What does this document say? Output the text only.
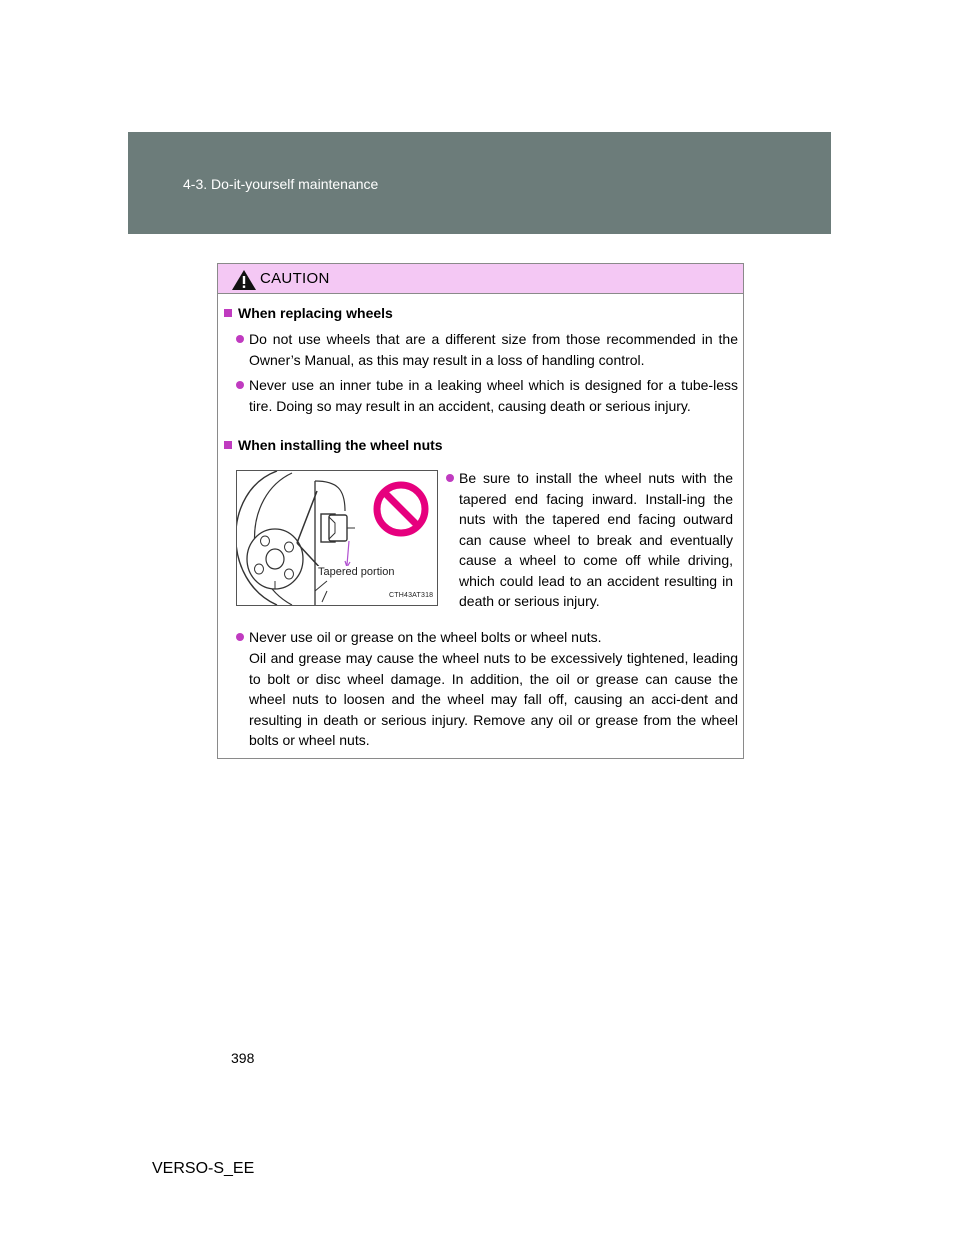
4-3. Do-it-yourself maintenance
CAUTION
When replacing wheels
Do not use wheels that are a different size from those recommended in the Owner’s Manual, as this may result in a loss of handling control.
Never use an inner tube in a leaking wheel which is designed for a tube-less tire. Doing so may result in an accident, causing death or serious injury.
When installing the wheel nuts
Tapered portion
CTH43AT318
Be sure to install the wheel nuts with the tapered end facing inward. Install-ing the nuts with the tapered end facing outward can cause wheel to break and eventually cause a wheel to come off while driving, which could lead to an accident resulting in death or serious injury.
Never use oil or grease on the wheel bolts or wheel nuts.
Oil and grease may cause the wheel nuts to be excessively tightened, leading to bolt or disc wheel damage. In addition, the oil or grease can cause the wheel nuts to loosen and the wheel may fall off, causing an acci-dent and resulting in death or serious injury. Remove any oil or grease from the wheel bolts or wheel nuts.
398
VERSO-S_EE
